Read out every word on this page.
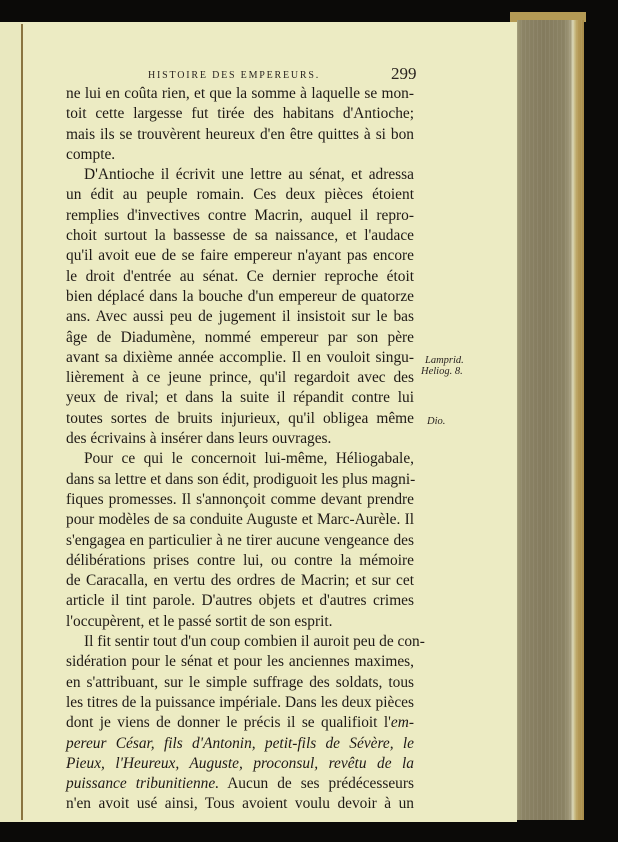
HISTOIRE DES EMPEREURS.	299
ne lui en coûta rien, et que la somme à laquelle se mon-
toit cette largesse fut tirée des habitans d'Antioche;
mais ils se trouvèrent heureux d'en être quittes à si bon
compte.
D'Antioche il écrivit une lettre au sénat, et adressa
un édit au peuple romain. Ces deux pièces étoient
remplies d'invectives contre Macrin, auquel il repro-
choit surtout la bassesse de sa naissance, et l'audace
qu'il avoit eue de se faire empereur n'ayant pas encore
le droit d'entrée au sénat. Ce dernier reproche étoit
bien déplacé dans la bouche d'un empereur de quatorze
ans. Avec aussi peu de jugement il insistoit sur le bas
âge de Diadumène, nommé empereur par son père
avant sa dixième année accomplie. Il en vouloit singu-
lièrement à ce jeune prince, qu'il regardoit avec des
yeux de rival; et dans la suite il répandit contre lui
toutes sortes de bruits injurieux, qu'il obligea même
des écrivains à insérer dans leurs ouvrages.
Pour ce qui le concernoit lui-même, Héliogabale,
dans sa lettre et dans son édit, prodiguoit les plus magni-
fiques promesses. Il s'annonçoit comme devant prendre
pour modèles de sa conduite Auguste et Marc-Aurèle. Il
s'engagea en particulier à ne tirer aucune vengeance des
délibérations prises contre lui, ou contre la mémoire
de Caracalla, en vertu des ordres de Macrin; et sur cet
article il tint parole. D'autres objets et d'autres crimes
l'occupèrent, et le passé sortit de son esprit.
Il fit sentir tout d'un coup combien il auroit peu de con-
sidération pour le sénat et pour les anciennes maximes,
en s'attribuant, sur le simple suffrage des soldats, tous
les titres de la puissance impériale. Dans les deux pièces
dont je viens de donner le précis il se qualifioit l'em-
pereur César, fils d'Antonin, petit-fils de Sévère, le
Pieux, l'Heureux, Auguste, proconsul, revêtu de la
puissance tribunitienne. Aucun de ses prédécesseurs
n'en avoit usé ainsi, Tous avoient voulu devoir à un
Lamprid.
Heliog. 8.
Dio.
